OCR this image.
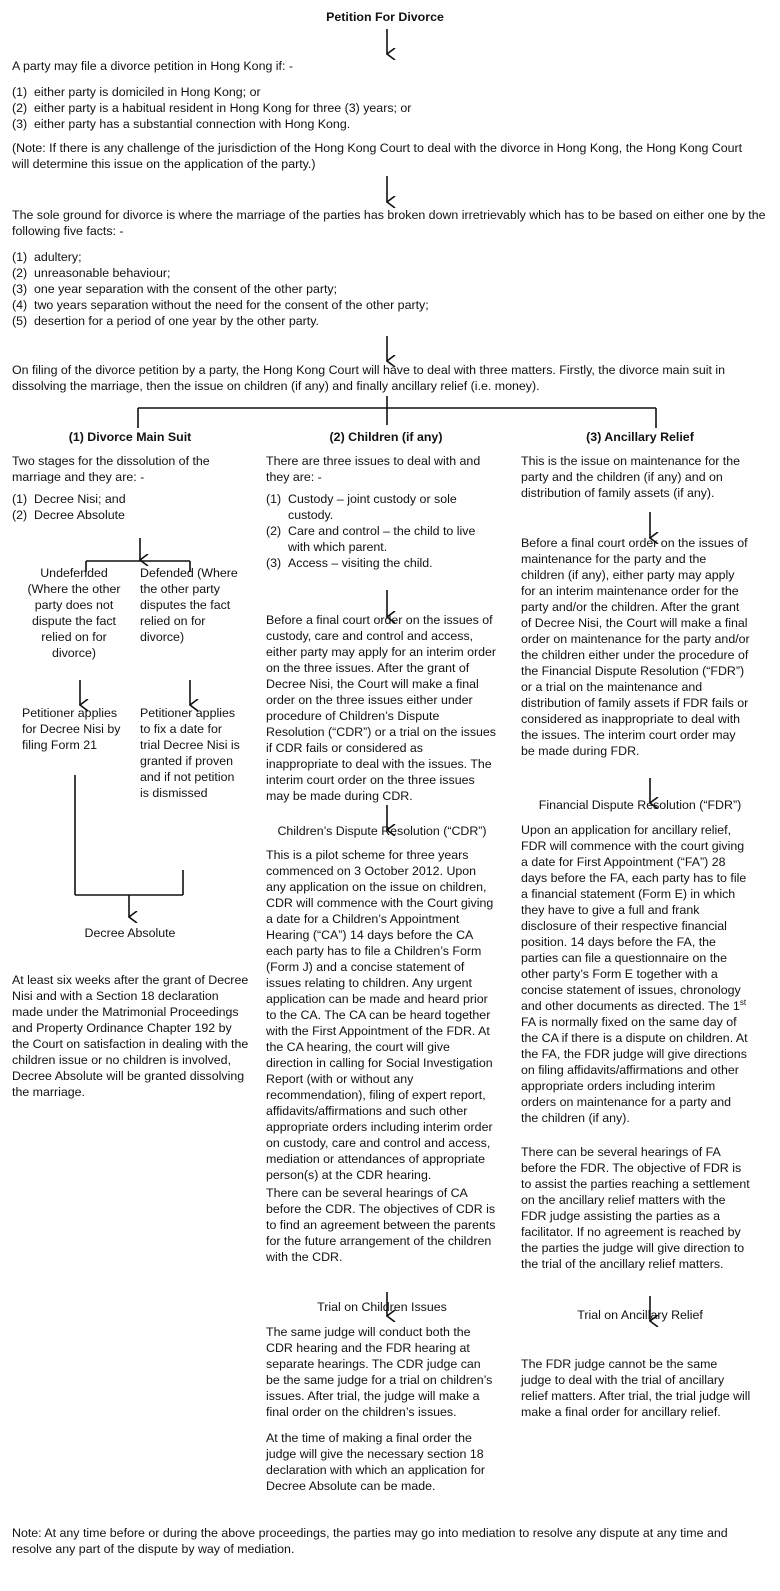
Petition For Divorce

A party may file a divorce petition in Hong Kong if: -

(1) either party is domiciled in Hong Kong; or
(2) either party is a habitual resident in Hong Kong for three (3) years; or
(3) either party has a substantial connection with Hong Kong.

(Note: If there is any challenge of the jurisdiction of the Hong Kong Court to deal with the divorce in Hong Kong, the Hong Kong Court will determine this issue on the application of the party.)

The sole ground for divorce is where the marriage of the parties has broken down irretrievably which has to be based on either one by the following five facts: -

(1) adultery;
(2) unreasonable behaviour;
(3) one year separation with the consent of the other party;
(4) two years separation without the need for the consent of the other party;
(5) desertion for a period of one year by the other party.
On filing of the divorce petition by a party, the Hong Kong Court will have to deal with three matters. Firstly, the divorce main suit in dissolving the marriage, then the issue on children (if any) and finally ancillary relief (i.e. money).
(1) Divorce Main Suit

Two stages for the dissolution of the marriage and they are: -

(1) Decree Nisi; and
(2) Decree Absolute
Undefended (Where the other party does not dispute the fact relied on for divorce)
Defended (Where the other party disputes the fact relied on for divorce)
Petitioner applies for Decree Nisi by filing Form 21
Petitioner applies to fix a date for trial Decree Nisi is granted if proven and if not petition is dismissed
Decree Absolute
At least six weeks after the grant of Decree Nisi and with a Section 18 declaration made under the Matrimonial Proceedings and Property Ordinance Chapter 192 by the Court on satisfaction in dealing with the children issue or no children is involved, Decree Absolute will be granted dissolving the marriage.
(2) Children (if any)

There are three issues to deal with and they are: -

(1) Custody – joint custody or sole custody.
(2) Care and control – the child to live with which parent.
(3) Access – visiting the child.
Before a final court order on the issues of custody, care and control and access, either party may apply for an interim order on the three issues. After the grant of Decree Nisi, the Court will make a final order on the three issues either under procedure of Children’s Dispute Resolution (“CDR”) or a trial on the issues if CDR fails or considered as inappropriate to deal with the issues. The interim court order on the three issues may be made during CDR.
Children’s Dispute Resolution (“CDR”)
This is a pilot scheme for three years commenced on 3 October 2012. Upon any application on the issue on children, CDR will commence with the Court giving a date for a Children’s Appointment Hearing (“CA”) 14 days before the CA each party has to file a Children’s Form (Form J) and a concise statement of issues relating to children. Any urgent application can be made and heard prior to the CA. The CA can be heard together with the First Appointment of the FDR. At the CA hearing, the court will give direction in calling for Social Investigation Report (with or without any recommendation), filing of expert report, affidavits/affirmations and such other appropriate orders including interim order on custody, care and control and access, mediation or attendances of appropriate person(s) at the CDR hearing.
There can be several hearings of CA before the CDR. The objectives of CDR is to find an agreement between the parents for the future arrangement of the children with the CDR.
Trial on Children Issues
The same judge will conduct both the CDR hearing and the FDR hearing at separate hearings. The CDR judge can be the same judge for a trial on children’s issues. After trial, the judge will make a final order on the children’s issues.
At the time of making a final order the judge will give the necessary section 18 declaration with which an application for Decree Absolute can be made.
(3) Ancillary Relief
This is the issue on maintenance for the party and the children (if any) and on distribution of family assets (if any).
Before a final court order on the issues of maintenance for the party and the children (if any), either party may apply for an interim maintenance order for the party and/or the children. After the grant of Decree Nisi, the Court will make a final order on maintenance for the party and/or the children either under the procedure of the Financial Dispute Resolution (“FDR”) or a trial on the maintenance and distribution of family assets if FDR fails or considered as inappropriate to deal with the issues. The interim court order may be made during FDR.
Financial Dispute Resolution (“FDR”)
Upon an application for ancillary relief, FDR will commence with the court giving a date for First Appointment (“FA”) 28 days before the FA, each party has to file a financial statement (Form E) in which they have to give a full and frank disclosure of their respective financial position. 14 days before the FA, the parties can file a questionnaire on the other party’s Form E together with a concise statement of issues, chronology and other documents as directed. The 1st FA is normally fixed on the same day of the CA if there is a dispute on children. At the FA, the FDR judge will give directions on filing affidavits/affirmations and other appropriate orders including interim orders on maintenance for a party and the children (if any).
There can be several hearings of FA before the FDR. The objective of FDR is to assist the parties reaching a settlement on the ancillary relief matters with the FDR judge assisting the parties as a facilitator. If no agreement is reached by the parties the judge will give direction to the trial of the ancillary relief matters.
Trial on Ancillary Relief
The FDR judge cannot be the same judge to deal with the trial of ancillary relief matters. After trial, the trial judge will make a final order for ancillary relief.
Note: At any time before or during the above proceedings, the parties may go into mediation to resolve any dispute at any time and resolve any part of the dispute by way of mediation.
